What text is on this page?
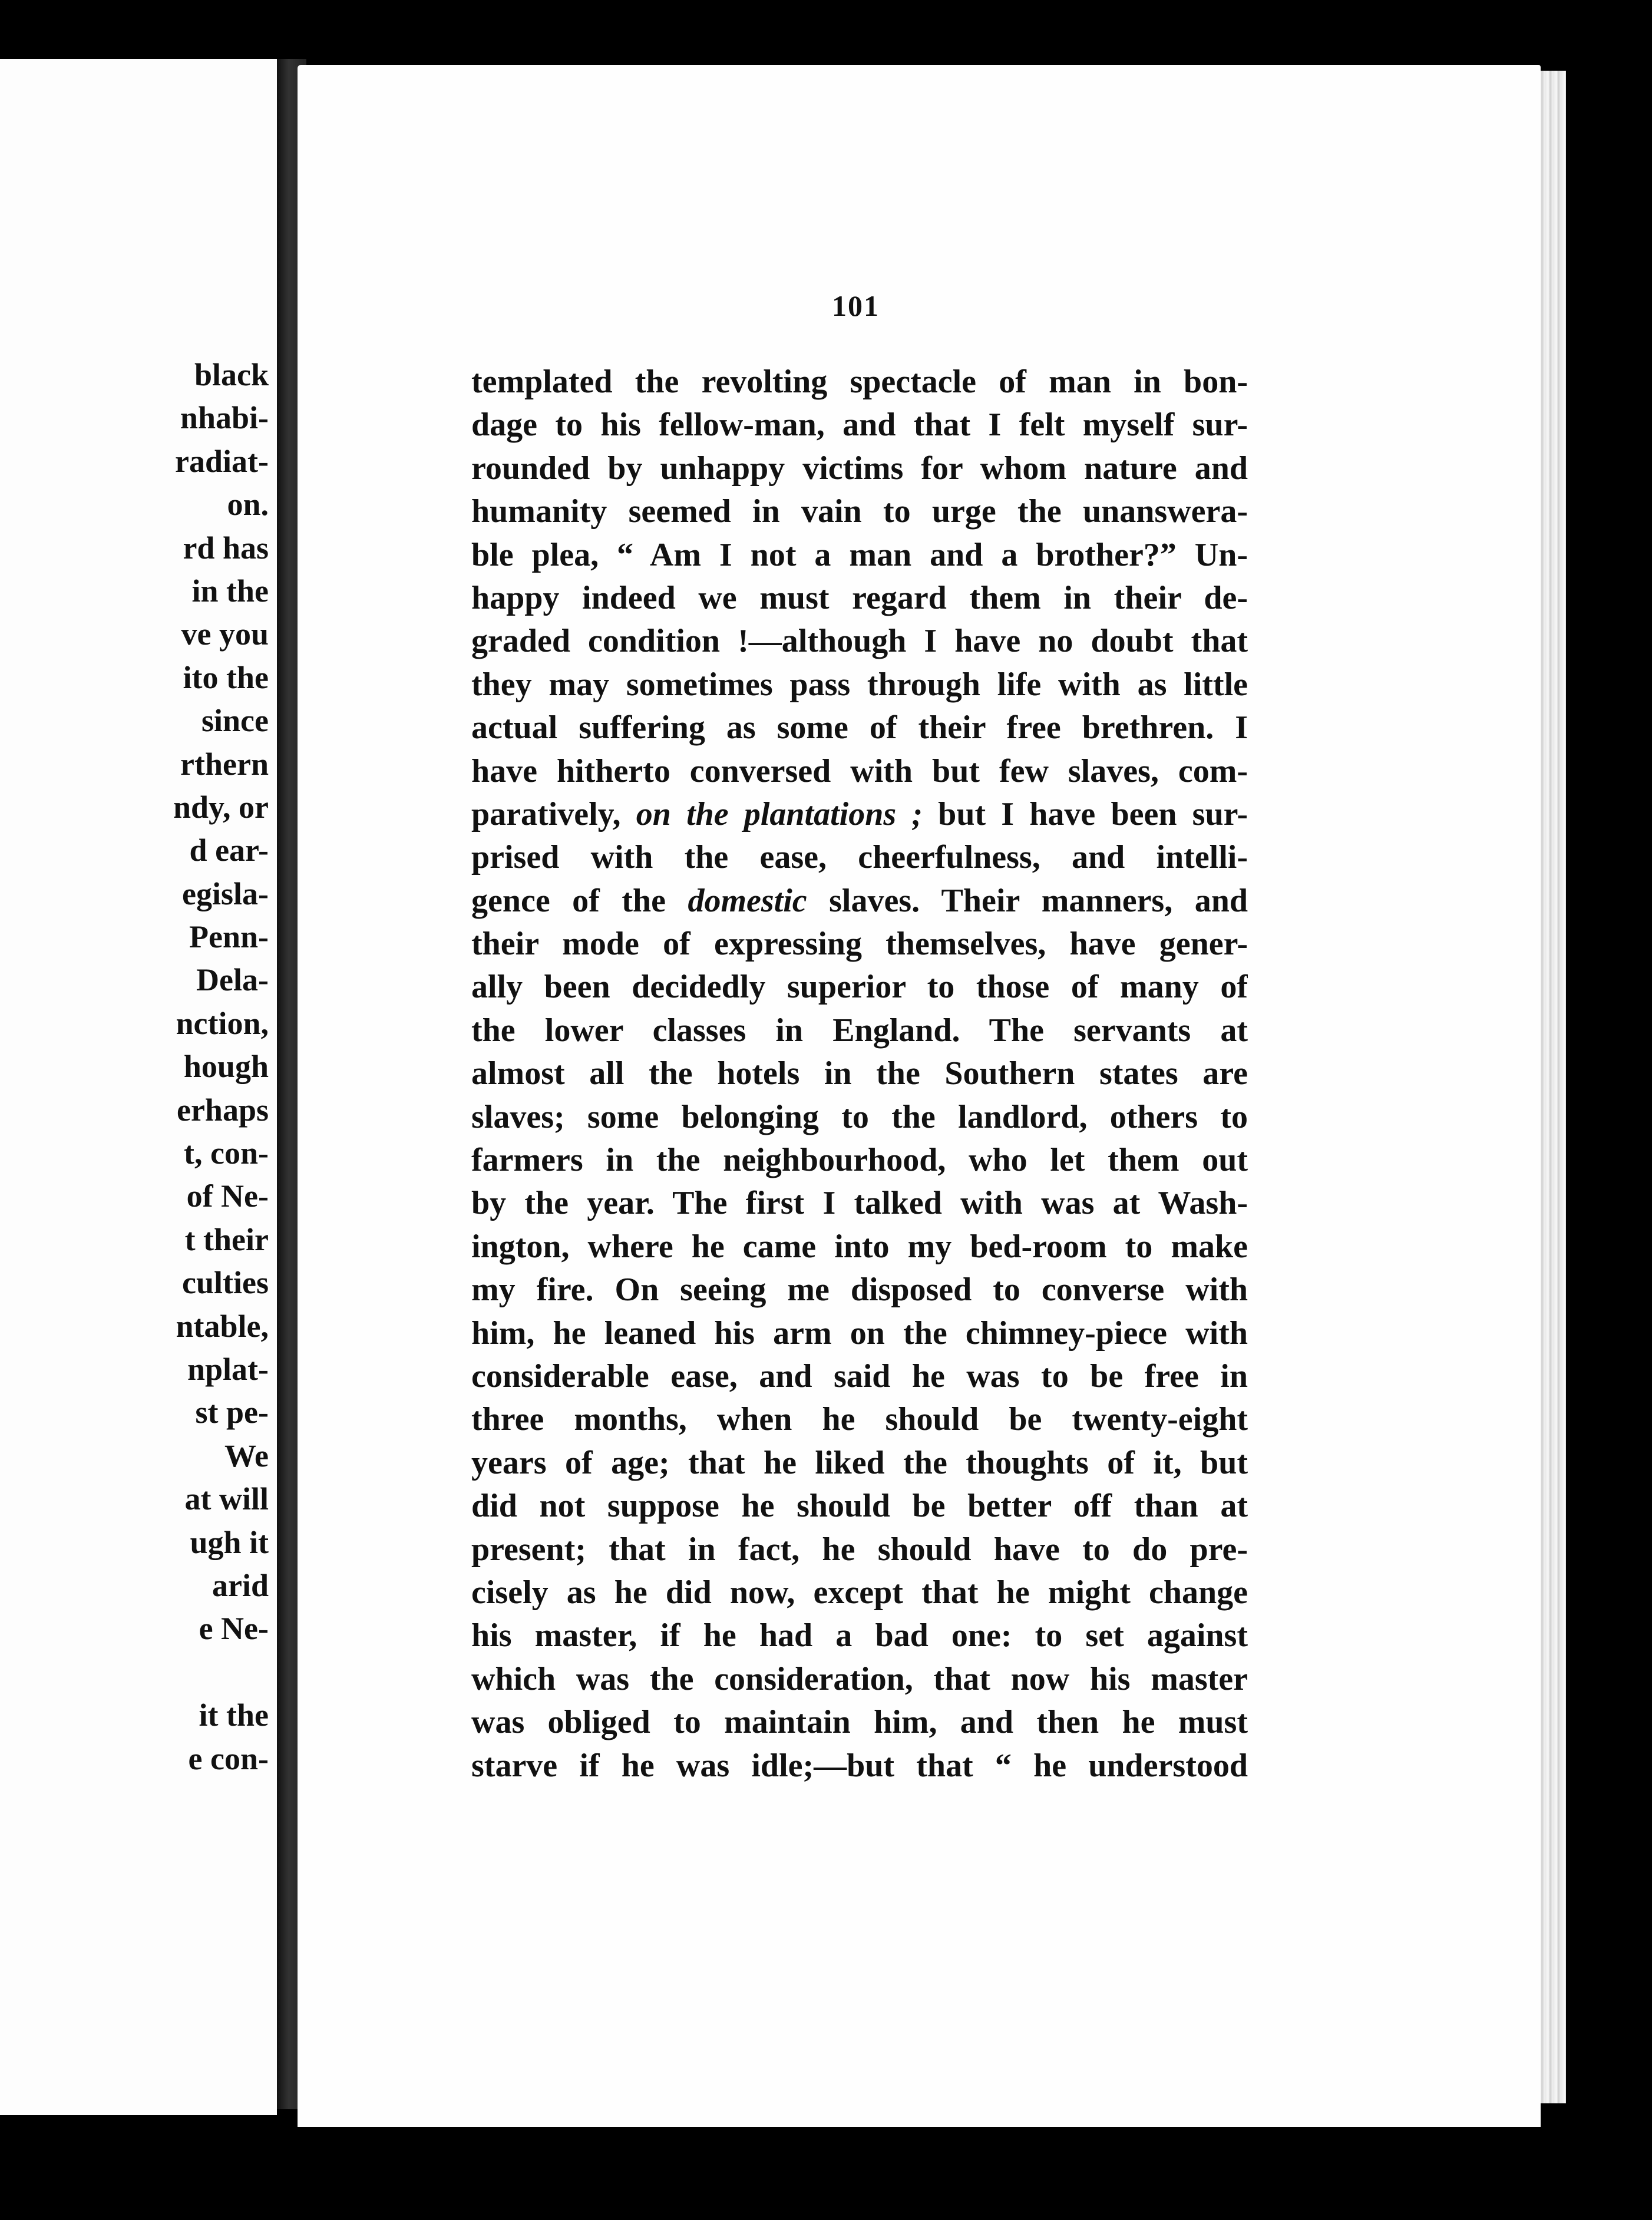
black
nhabi-
radiat-
on.
rd has
in the
ve you
ito the
since
rthern
ndy, or
d ear-
egisla-
Penn-
Dela-
nction,
hough
erhaps
t, con-
of Ne-
t their
culties
ntable,
nplat-
st pe-
We
at will
ugh it
arid
e Ne-
it the
e con-
101
templated the revolting spectacle of man in bon-
dage to his fellow-man, and that I felt myself sur-
rounded by unhappy victims for whom nature and
humanity seemed in vain to urge the unanswera-
ble plea, “ Am I not a man and a brother?” Un-
happy indeed we must regard them in their de-
graded condition !—although I have no doubt that
they may sometimes pass through life with as little
actual suffering as some of their free brethren. I
have hitherto conversed with but few slaves, com-
paratively, on the plantations ; but I have been sur-
prised with the ease, cheerfulness, and intelli-
gence of the domestic slaves. Their manners, and
their mode of expressing themselves, have gener-
ally been decidedly superior to those of many of
the lower classes in England. The servants at
almost all the hotels in the Southern states are
slaves; some belonging to the landlord, others to
farmers in the neighbourhood, who let them out
by the year. The first I talked with was at Wash-
ington, where he came into my bed-room to make
my fire. On seeing me disposed to converse with
him, he leaned his arm on the chimney-piece with
considerable ease, and said he was to be free in
three months, when he should be twenty-eight
years of age; that he liked the thoughts of it, but
did not suppose he should be better off than at
present; that in fact, he should have to do pre-
cisely as he did now, except that he might change
his master, if he had a bad one: to set against
which was the consideration, that now his master
was obliged to maintain him, and then he must
starve if he was idle;—but that “ he understood
